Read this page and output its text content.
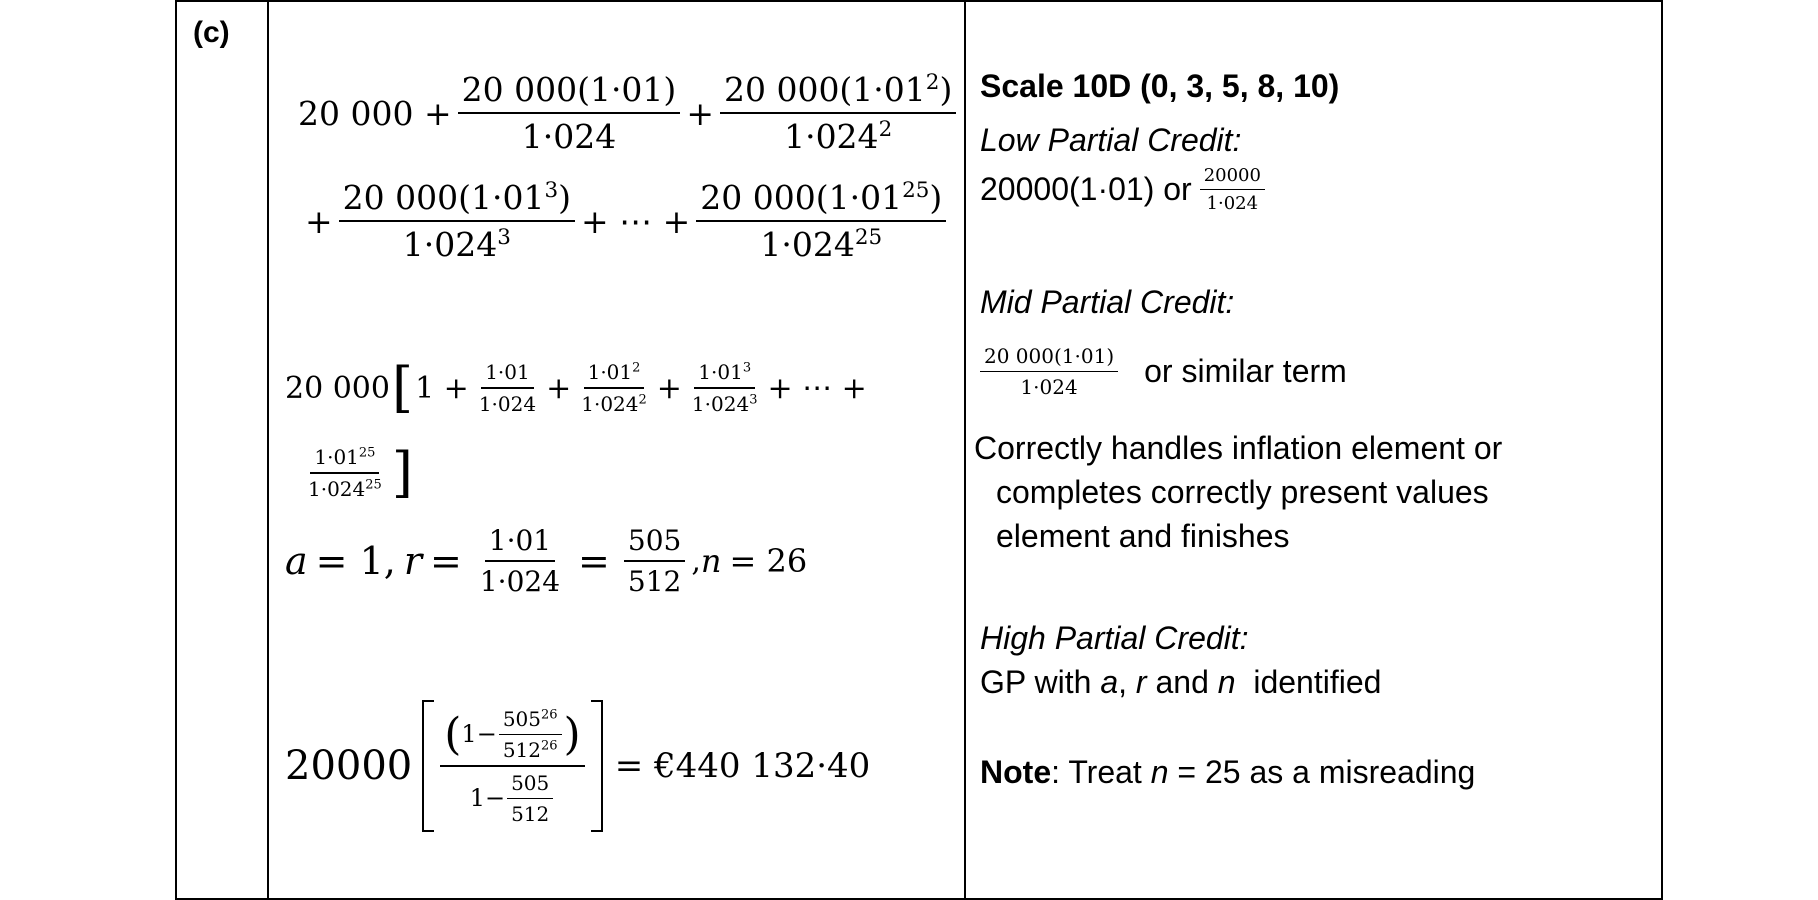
(c)
20 $000 + \frac{20 000(1\cdot 01)}{1\cdot 024} + \frac{20 000(1\cdot 01^2)}{1\cdot 024^2}$
+ $\frac{20 000(1\cdot 01^3)}{1\cdot 024^3}$ + ⋯ + $\frac{20 000(1\cdot 01^{25})}{1\cdot 024^{25}}$
20 000 [ $1 + \frac{1\cdot 01}{1\cdot 024} + \frac{1\cdot 01^2}{1\cdot 024^2} + \frac{1\cdot 01^3}{1\cdot 024^3}$ + ⋯ +
$\frac{1\cdot 01^{25}}{1\cdot 024^{25}}$ ]
a = 1, $r = \frac{1\cdot 01}{1\cdot 024} = \frac{505}{512}$ , n = 26
$20000 \frac{( 1- \frac{505^{26}}{512^{26}} )}{1- \frac{505}{512}}$ = €440 132·40
Scale 10D (0, 3, 5, 8, 10)
Low Partial Credit:
20000(1·01) or $\frac{20000}{1\cdot 024}$
Mid Partial Credit:
$\frac{20 000(1\cdot 01)}{1\cdot 024}$ or similar term
Correctly handles inflation element or
completes correctly present values
element and finishes
High Partial Credit:
GP with a, r and n  identified
Note: Treat n = 25 as a misreading
